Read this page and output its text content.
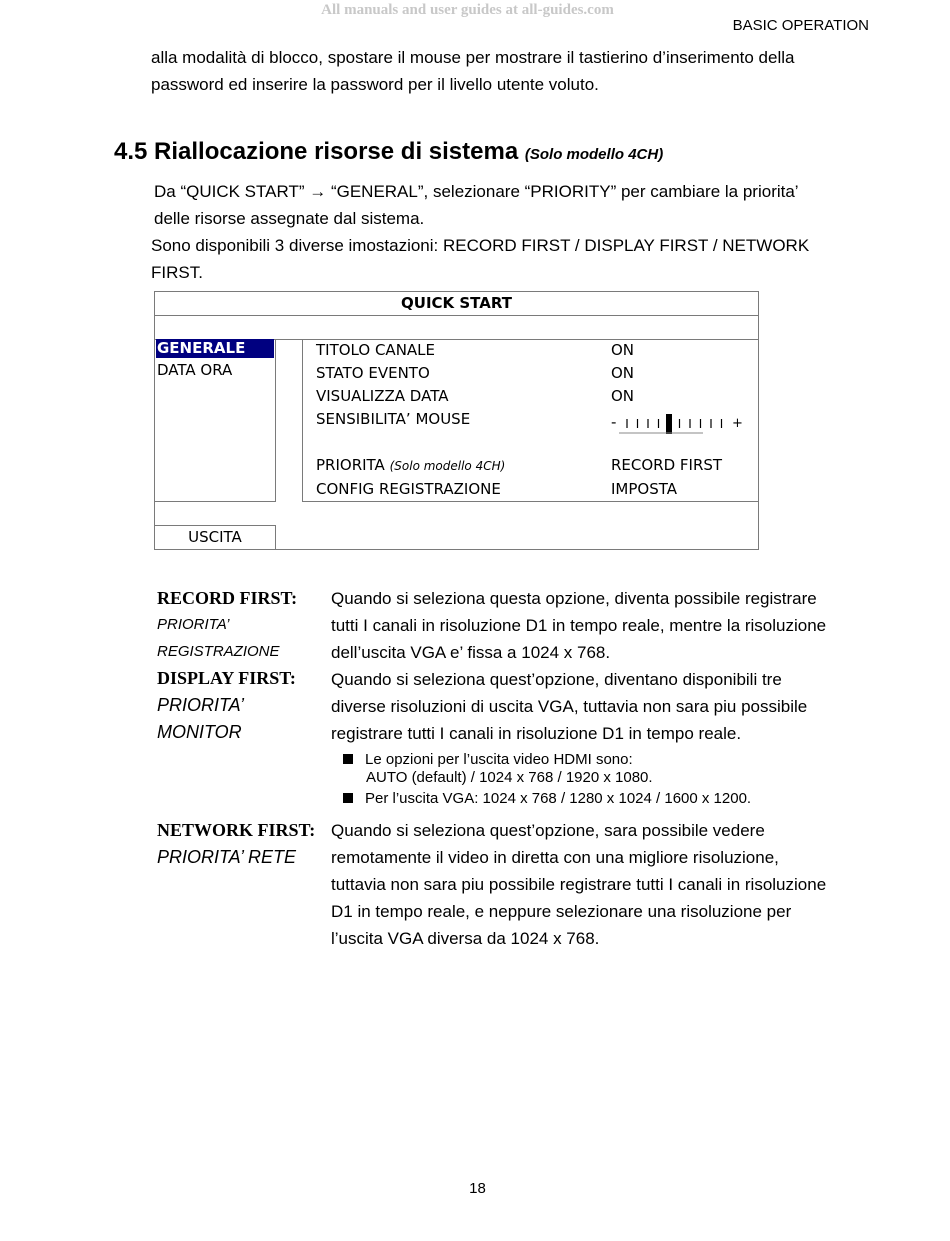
All manuals and user guides at all-guides.com
BASIC OPERATION
alla modalità di blocco, spostare il mouse per mostrare il tastierino d’inserimento della
password ed inserire la password per il livello utente voluto.
4.5 Riallocazione risorse di sistema (Solo modello 4CH)
Da “QUICK START” → “GENERAL”, selezionare “PRIORITY” per cambiare la priorita’
delle risorse assegnate dal sistema.
Sono disponibili 3 diverse imostazioni: RECORD FIRST / DISPLAY FIRST / NETWORK
FIRST.
QUICK START
GENERALE
DATA ORA
TITOLO CANALE	ON
STATO EVENTO	ON
VISUALIZZA DATA	ON
SENSIBILITA’ MOUSE	-	+
PRIORITA (Solo modello 4CH)	RECORD FIRST
CONFIG REGISTRAZIONE	IMPOSTA
USCITA
RECORD FIRST:
PRIORITA’
REGISTRAZIONE
Quando si seleziona questa opzione, diventa possibile registrare
tutti I canali in risoluzione D1 in tempo reale, mentre la risoluzione
dell’uscita VGA e’ fissa a 1024 x 768.
DISPLAY FIRST:
PRIORITA’
MONITOR
Quando si seleziona quest’opzione, diventano disponibili tre
diverse risoluzioni di uscita VGA, tuttavia non sara piu possibile
registrare tutti I canali in risoluzione D1 in tempo reale.
Le opzioni per l’uscita video HDMI sono:
AUTO (default) / 1024 x 768 / 1920 x 1080.
Per l’uscita VGA: 1024 x 768 / 1280 x 1024 / 1600 x 1200.
NETWORK FIRST:
PRIORITA’ RETE
Quando si seleziona quest’opzione, sara possibile vedere
remotamente il video in diretta con una migliore risoluzione,
tuttavia non sara piu possibile registrare tutti I canali in risoluzione
D1 in tempo reale, e neppure selezionare una risoluzione per
l’uscita VGA diversa da 1024 x 768.
18
